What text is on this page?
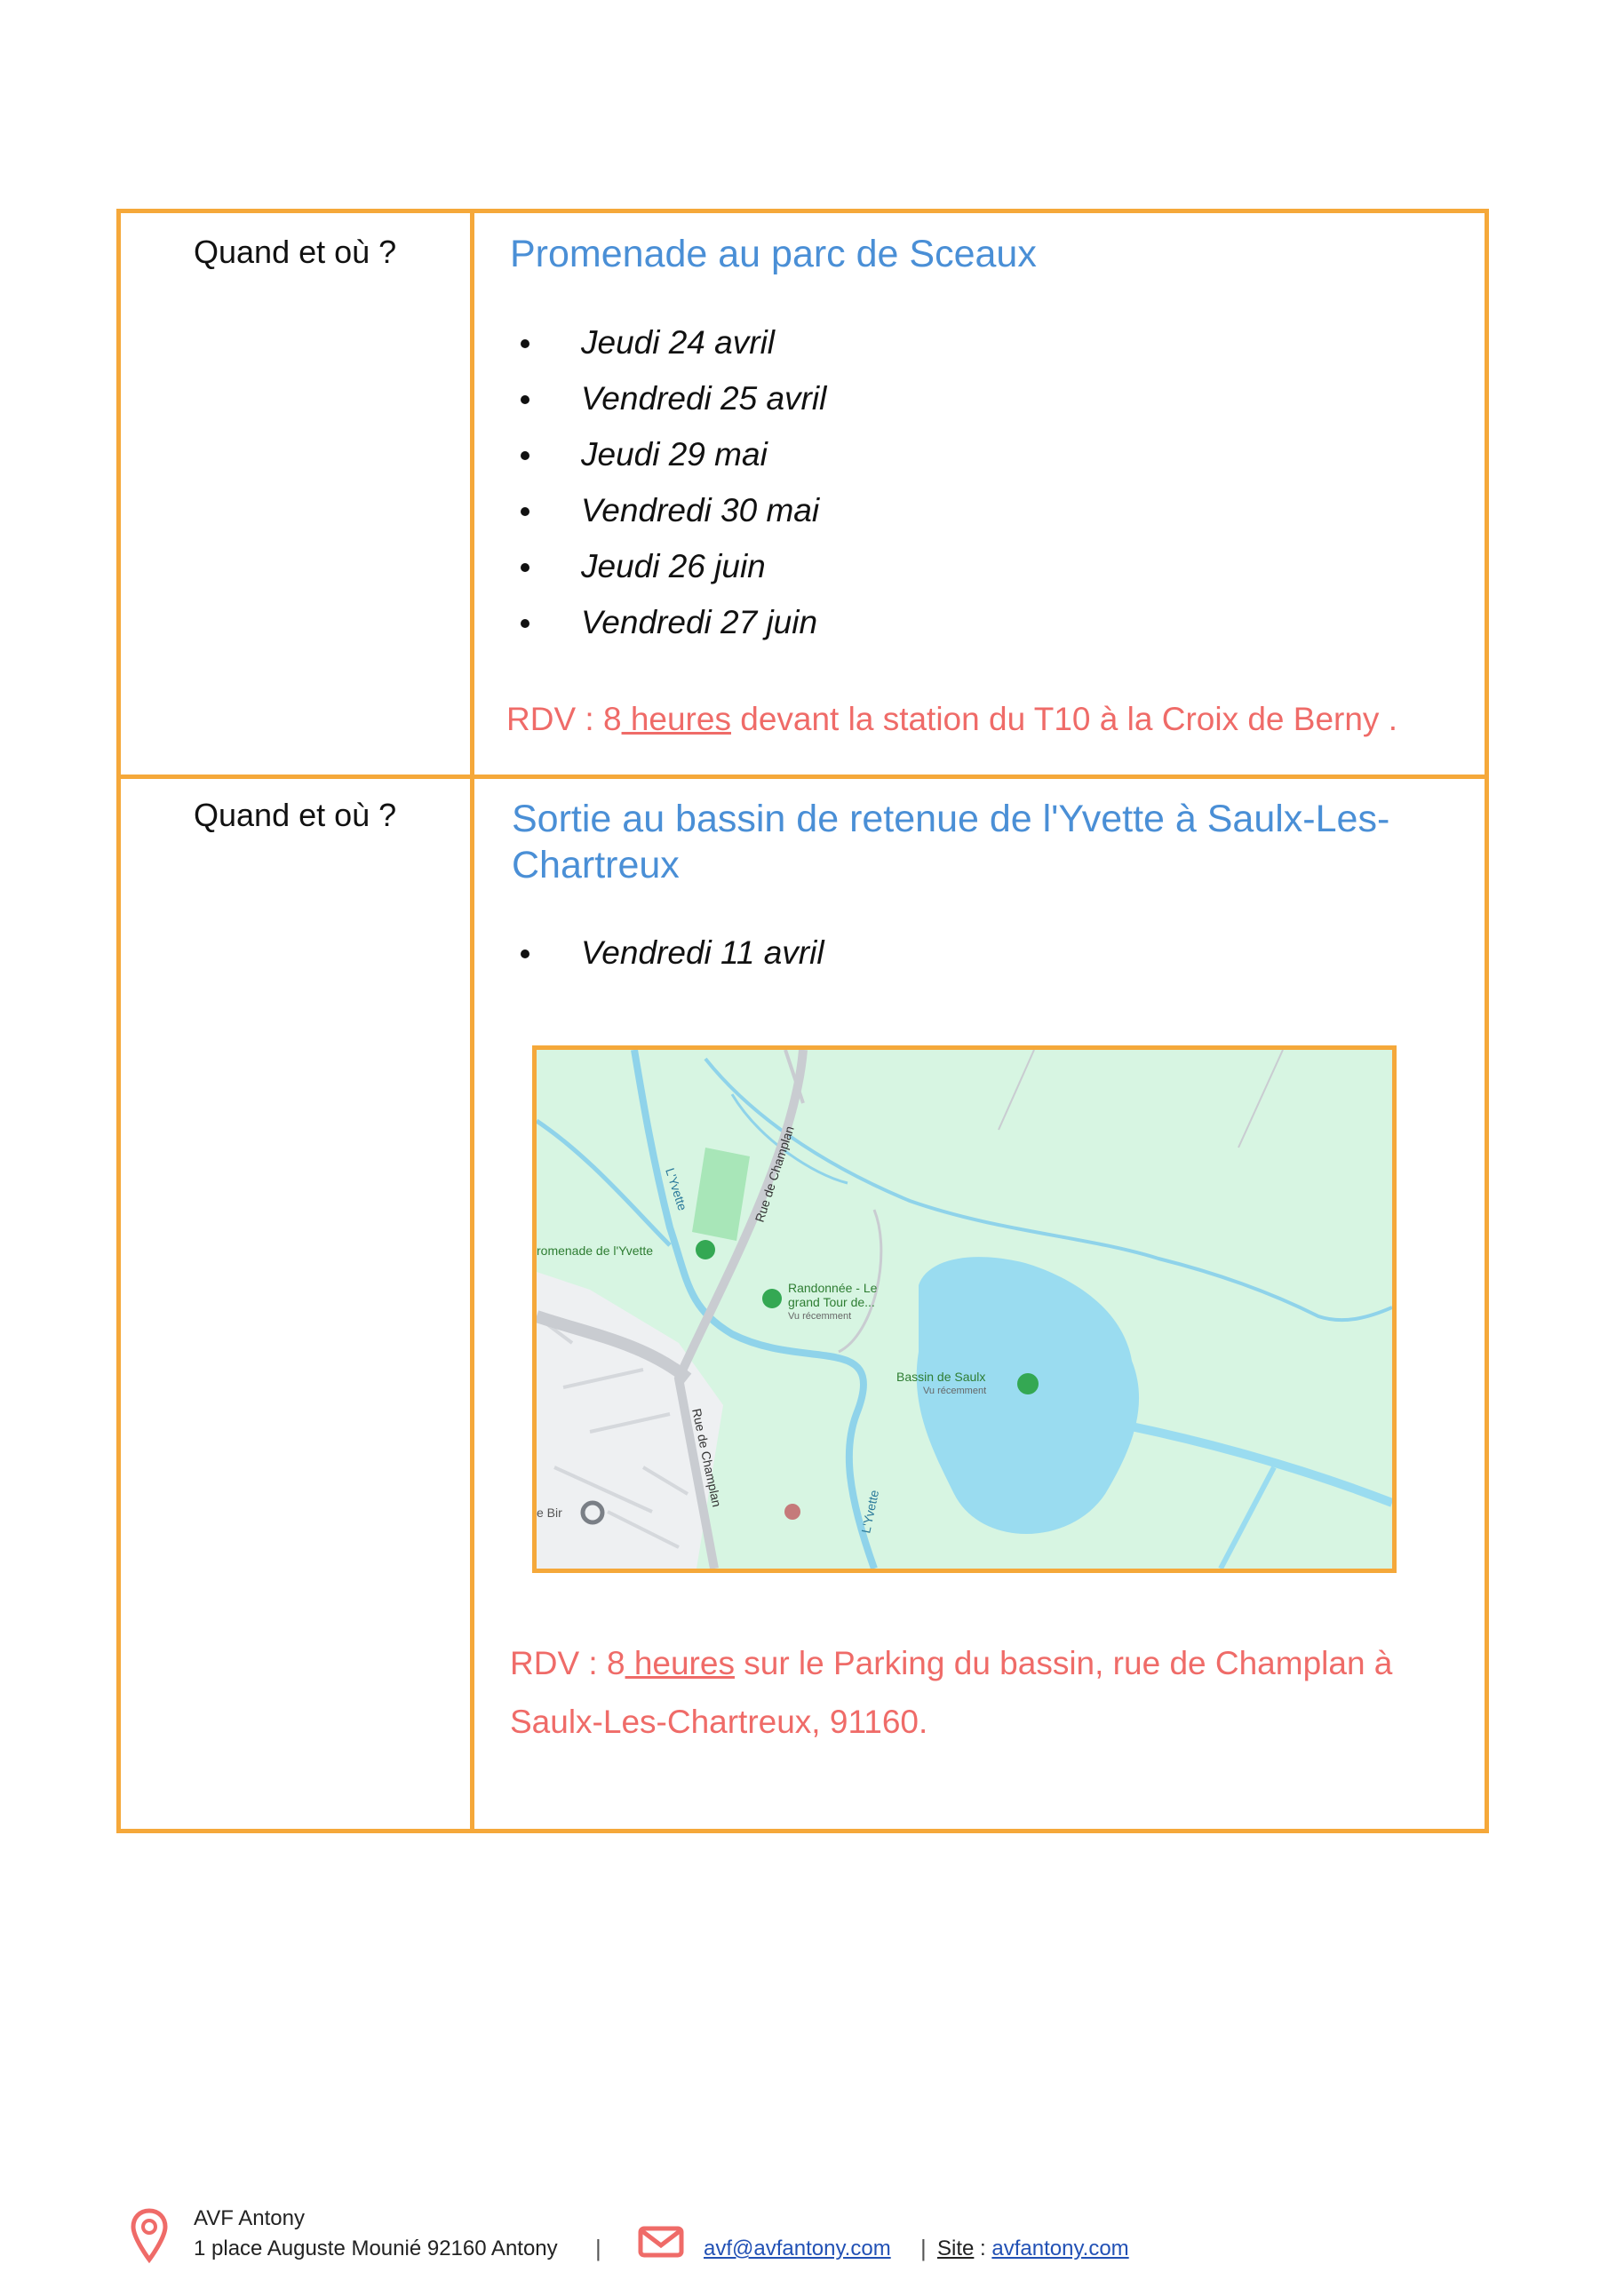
Quand et où ?	Promenade au parc de Sceaux
Jeudi 24 avril
Vendredi 25 avril
Jeudi 29 mai
Vendredi 30 mai
Jeudi 26 juin
Vendredi 27 juin
RDV : 8 heures devant la station du T10 à la Croix de Berny .
Quand et où ?	Sortie au bassin de retenue de l'Yvette à Saulx-Les-Chartreux
Vendredi 11 avril
L'Yvette	Rue de Champlan
romenade de l'Yvette
Randonnée - Le
grand Tour de...
Vu récemment
Bassin de Saulx
Vu récemment
Rue de Champlan
L'Yvette
e Bir
RDV : 8 heures sur le Parking du bassin, rue de Champlan à Saulx-Les-Chartreux, 91160.
AVF Antony
1 place Auguste Mounié 92160 Antony |	avf@avfantony.com | Site : avfantony.com
